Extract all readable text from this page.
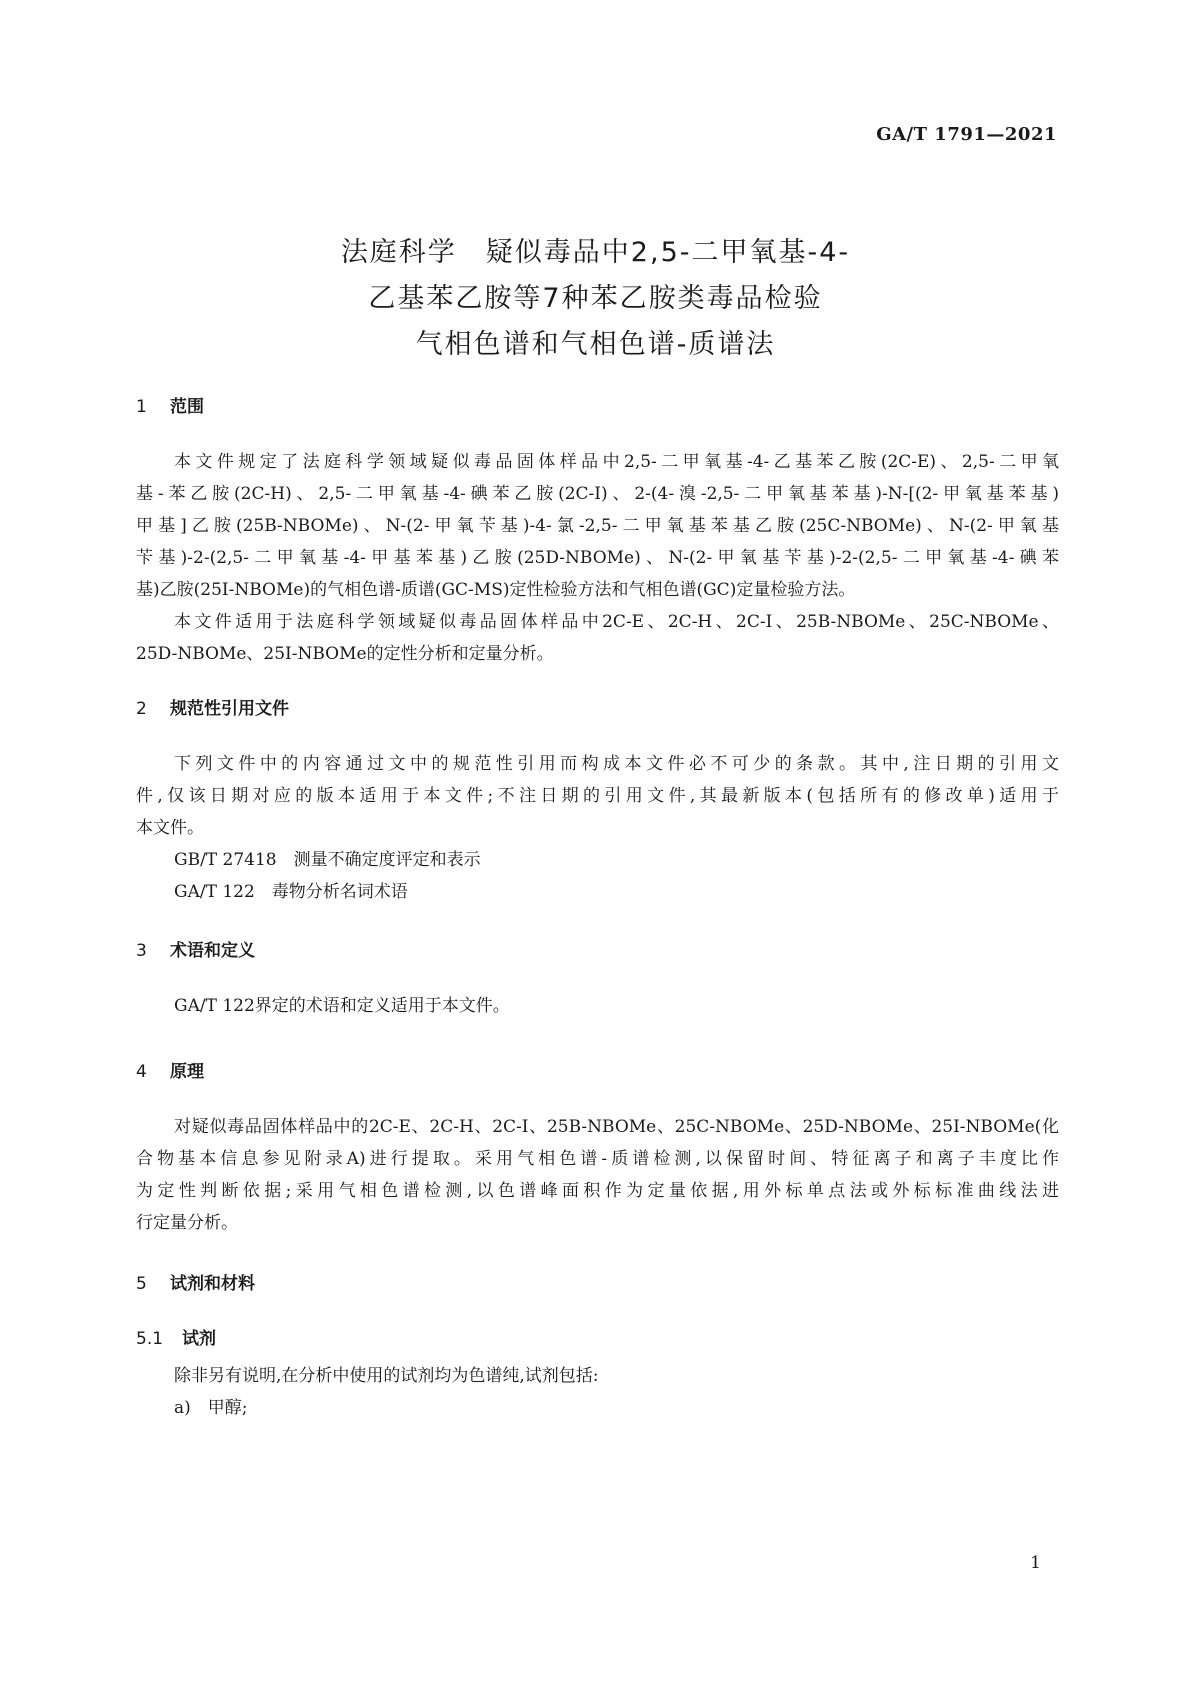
GA/T 1791—2021
法庭科学　疑似毒品中2,5-二甲氧基-4-
乙基苯乙胺等7种苯乙胺类毒品检验
气相色谱和气相色谱-质谱法
1 范围
本文件规定了法庭科学领域疑似毒品固体样品中2,5-二甲氧基-4-乙基苯乙胺(2C-E)、2,5-二甲氧
基-苯乙胺(2C-H)、2,5-二甲氧基-4-碘苯乙胺(2C-I)、2-(4-溴-2,5-二甲氧基苯基)-N-[(2-甲氧基苯基)
甲基]乙胺(25B-NBOMe)、N-(2-甲氧苄基)-4-氯-2,5-二甲氧基苯基乙胺(25C-NBOMe)、N-(2-甲氧基
苄基)-2-(2,5-二甲氧基-4-甲基苯基)乙胺(25D-NBOMe)、N-(2-甲氧基苄基)-2-(2,5-二甲氧基-4-碘苯
基)乙胺(25I-NBOMe)的气相色谱-质谱(GC-MS)定性检验方法和气相色谱(GC)定量检验方法。
本文件适用于法庭科学领域疑似毒品固体样品中2C-E、2C-H、2C-I、25B-NBOMe、25C-NBOMe、
25D-NBOMe、25I-NBOMe的定性分析和定量分析。
2 规范性引用文件
下列文件中的内容通过文中的规范性引用而构成本文件必不可少的条款。其中,注日期的引用文
件,仅该日期对应的版本适用于本文件;不注日期的引用文件,其最新版本(包括所有的修改单)适用于
本文件。
GB/T 27418　 测量不确定度评定和表示
GA/T 122　 毒物分析名词术语
3 术语和定义
GA/T 122界定的术语和定义适用于本文件。
4 原理
对疑似毒品固体样品中的2C-E、2C-H、2C-I、25B-NBOMe、25C-NBOMe、25D-NBOMe、25I-NBOMe(化
合物基本信息参见附录A)进行提取。采用气相色谱-质谱检测,以保留时间、特征离子和离子丰度比作
为定性判断依据;采用气相色谱检测,以色谱峰面积作为定量依据,用外标单点法或外标标准曲线法进
行定量分析。
5 试剂和材料
5.1 试剂
除非另有说明,在分析中使用的试剂均为色谱纯,试剂包括:
a)　 甲醇;
1
